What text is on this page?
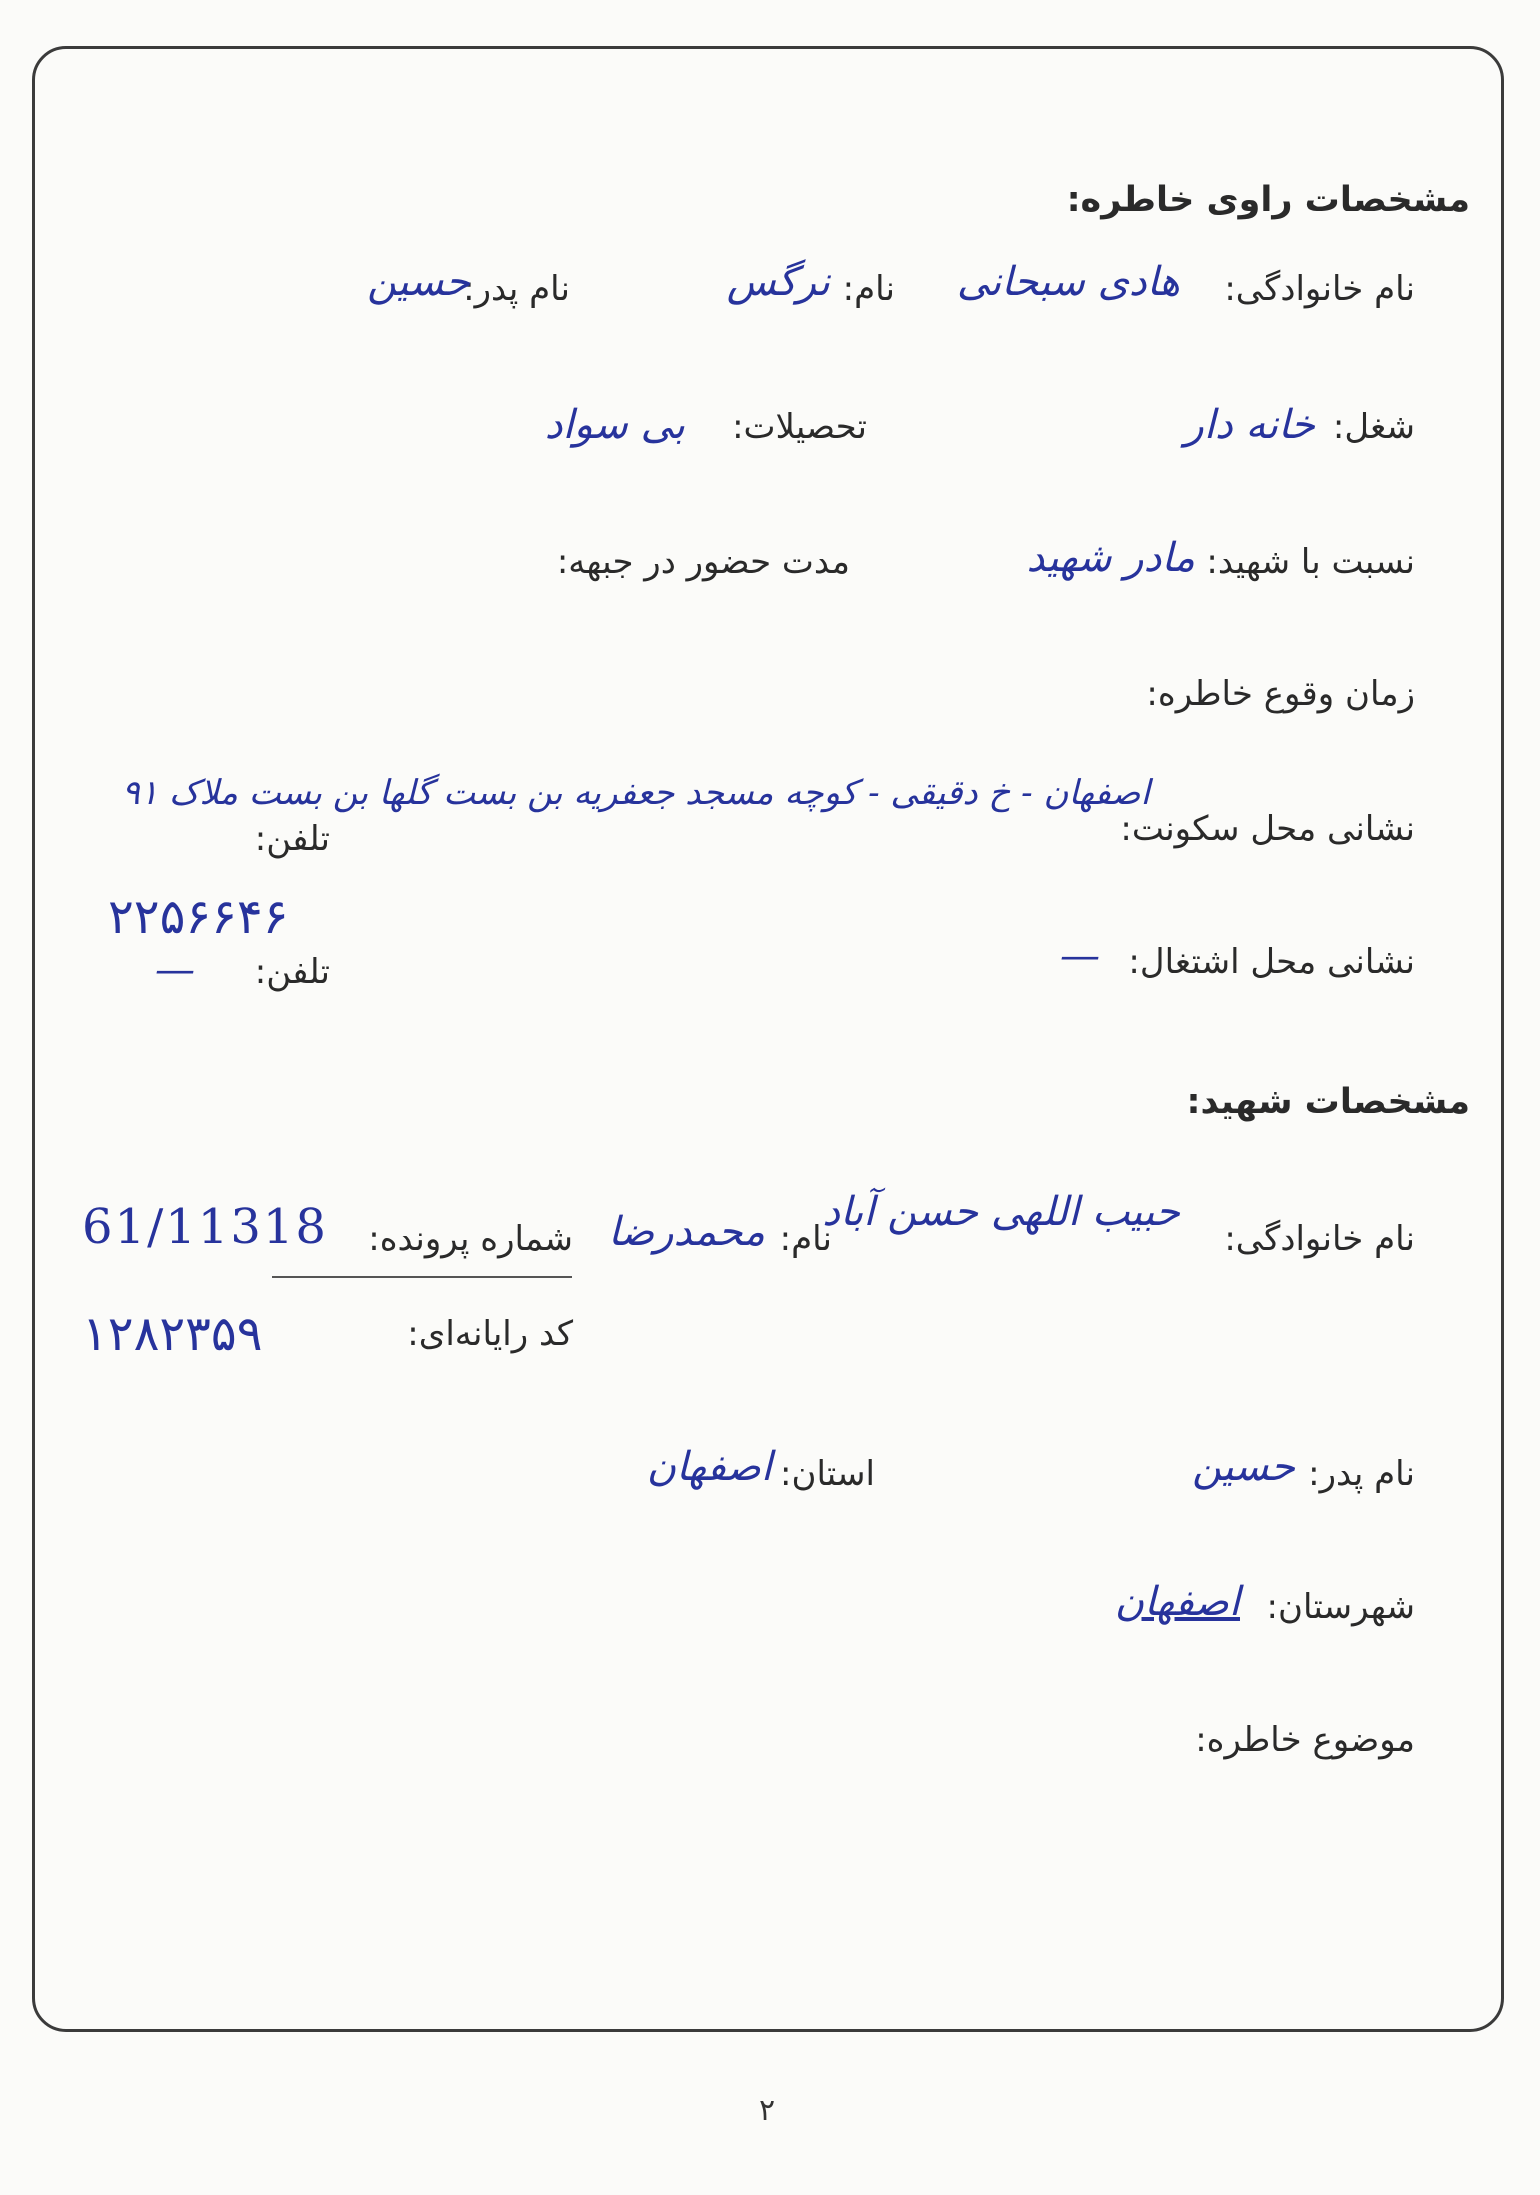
مشخصات راوی خاطره:
نام خانوادگی:
هادی سبحانی
نام:
نرگس
نام پدر:
حسین
شغل:
خانه دار
تحصیلات:
بی سواد
نسبت با شهید:
مادر شهید
مدت حضور در جبهه:
زمان وقوع خاطره:
نشانی محل سکونت:
اصفهان - خ دقیقی - کوچه مسجد جعفریه بن بست گلها بن بست ملاک ۹۱
تلفن:
۲۲۵۶۶۴۶
نشانی محل اشتغال:
—
تلفن:
—
مشخصات شهید:
نام خانوادگی:
حبیب اللهی حسن آباد
نام:
محمدرضا
شماره پرونده:
61/11318
کد رایانه‌ای:
۱۲۸۲۳۵۹
نام پدر:
حسین
استان:
اصفهان
شهرستان:
اصفهان
موضوع خاطره:
۲
